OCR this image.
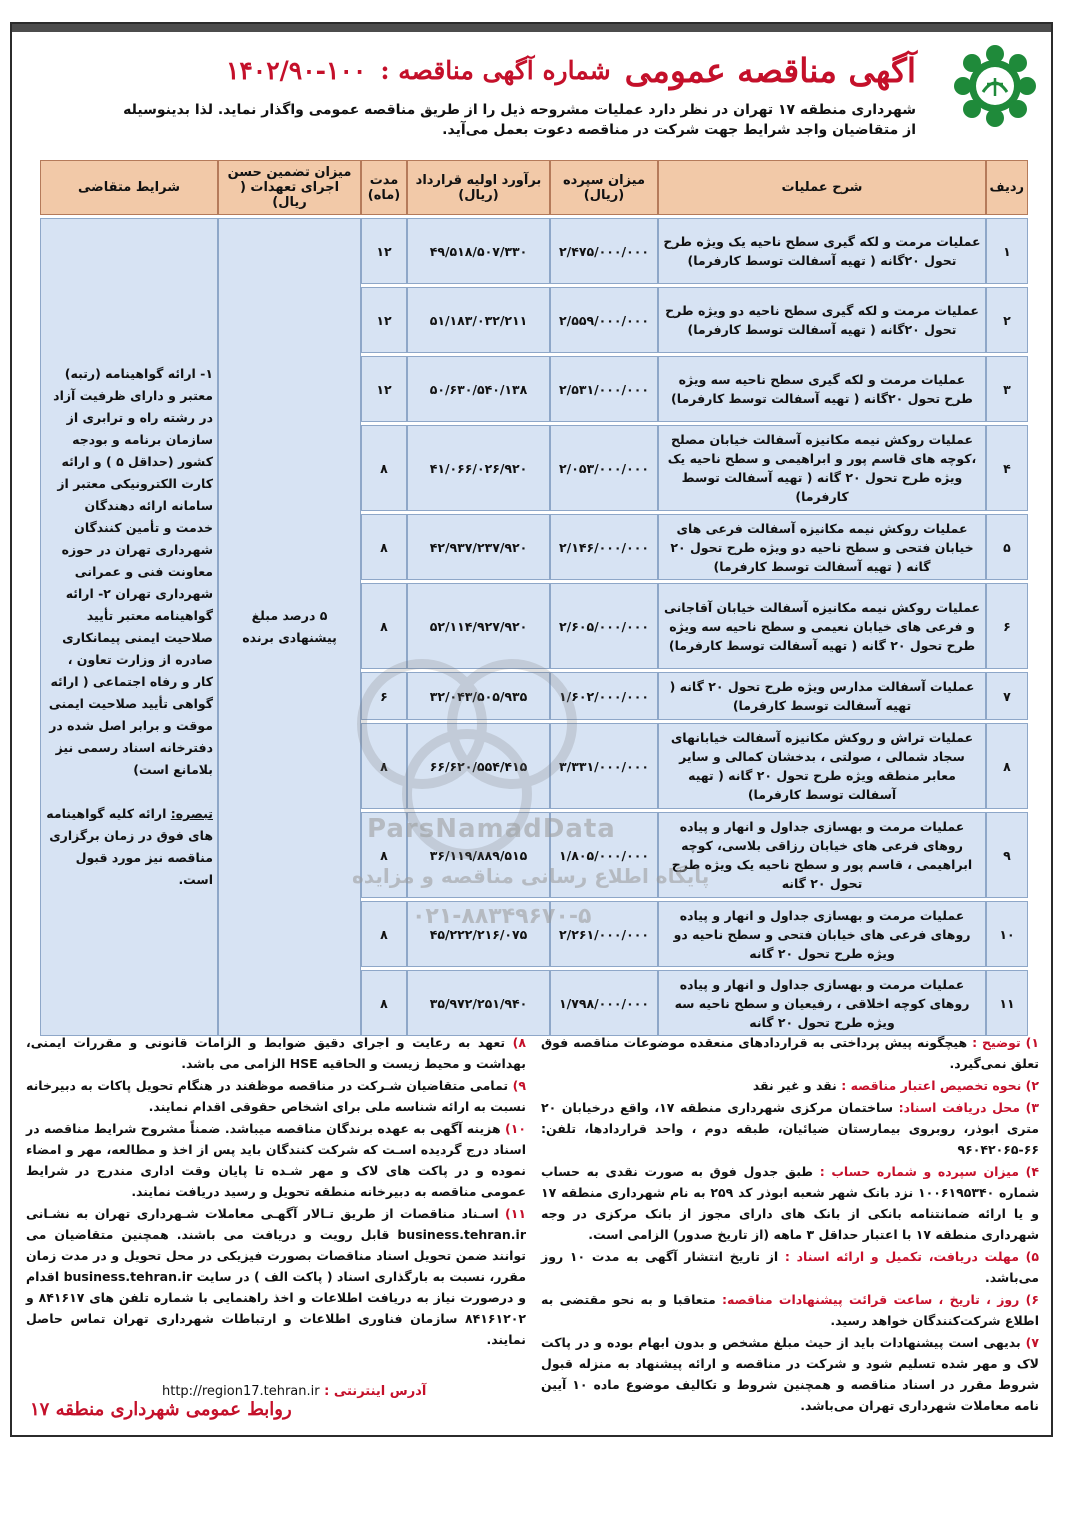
آگهی مناقصه عمومی
شماره آگهی مناقصه :
۱۴۰۲/۹۰-۱۰۰
شهرداری منطقه ۱۷ تهران در نظر دارد عملیات مشروحه ذیل را از طریق مناقصه عمومی واگذار نماید. لذا بدینوسیله از متقاضیان واجد شرایط جهت شرکت در مناقصه دعوت بعمل می‌آید.
ردیف	شرح عملیات	میزان سپرده (ریال)	برآورد اولیه قرارداد (ریال)	مدت (ماه)	میزان تضمین حسن اجرای تعهدات ( ریال)	شرایط متقاضی
۱	عملیات مرمت و لکه گیری سطح ناحیه یک ویژه طرح تحول ۲۰گانه ( تهیه آسفالت توسط کارفرما)	۲/۴۷۵/۰۰۰/۰۰۰	۴۹/۵۱۸/۵۰۷/۳۳۰	۱۲	۵ درصد مبلغ پیشنهادی برنده	۱- ارائه گواهینامه (رتبه) معتبر و دارای ظرفیت آزاد در رشته راه و ترابری از سازمان برنامه و بودجه کشور (حداقل ۵ ) و ارائه کارت الکترونیکی معتبر از سامانه ارائه دهندگان خدمت و تأمین کنندگان شهرداری تهران در حوزه معاونت فنی و عمرانی شهرداری تهران ۲- ارائه گواهینامه معتبر تأیید صلاحیت ایمنی پیمانکاری صادره از وزارت تعاون ، کار و رفاه اجتماعی ( ارائه گواهی تأیید صلاحیت ایمنی موقت و برابر اصل شده در دفترخانه اسناد رسمی نیز بلامانع است)

تبصره: ارائه کلیه گواهینامه های فوق در زمان برگزاری مناقصه نیز مورد قبول است.
۲	عملیات مرمت و لکه گیری سطح ناحیه دو ویژه طرح تحول ۲۰گانه ( تهیه آسفالت توسط کارفرما)	۲/۵۵۹/۰۰۰/۰۰۰	۵۱/۱۸۳/۰۳۲/۲۱۱	۱۲		
۳	عملیات مرمت و لکه گیری سطح ناحیه سه ویژه طرح تحول ۲۰گانه ( تهیه آسفالت توسط کارفرما)	۲/۵۳۱/۰۰۰/۰۰۰	۵۰/۶۳۰/۵۴۰/۱۳۸	۱۲		
۴	عملیات روکش نیمه مکانیزه آسفالت خیابان مصلح ،کوچه های قاسم پور و ابراهیمی و سطح ناحیه یک ویژه طرح تحول ۲۰ گانه ( تهیه آسفالت توسط کارفرما)	۲/۰۵۳/۰۰۰/۰۰۰	۴۱/۰۶۶/۰۲۶/۹۲۰	۸		
۵	عملیات روکش نیمه مکانیزه آسفالت فرعی های خیابان فتحی و سطح ناحیه دو ویژه طرح تحول ۲۰ گانه ( تهیه آسفالت توسط کارفرما)	۲/۱۴۶/۰۰۰/۰۰۰	۴۲/۹۳۷/۲۳۷/۹۲۰	۸		
۶	عملیات روکش نیمه مکانیزه آسفالت خیابان آقاجانی و فرعی های خیابان نعیمی و سطح ناحیه سه ویژه طرح تحول ۲۰ گانه ( تهیه آسفالت توسط کارفرما)	۲/۶۰۵/۰۰۰/۰۰۰	۵۲/۱۱۴/۹۲۷/۹۲۰	۸		
۷	عملیات آسفالت مدارس ویژه طرح تحول ۲۰ گانه ( تهیه آسفالت توسط کارفرما)	۱/۶۰۲/۰۰۰/۰۰۰	۳۲/۰۴۳/۵۰۵/۹۳۵	۶		
۸	عملیات تراش و روکش مکانیزه آسفالت خیابانهای سجاد شمالی ، صولتی ، بدخشان کمالی و سایر معابر منطقه ویژه طرح تحول ۲۰ گانه ( تهیه آسفالت توسط کارفرما)	۳/۳۳۱/۰۰۰/۰۰۰	۶۶/۶۲۰/۵۵۴/۴۱۵	۸		
۹	عملیات مرمت و بهسازی جداول و انهار و پیاده روهای فرعی های خیابان رزاقی بلاسی، کوچه ابراهیمی ، قاسم پور و سطح ناحیه یک ویژه طرح تحول ۲۰ گانه	۱/۸۰۵/۰۰۰/۰۰۰	۳۶/۱۱۹/۸۸۹/۵۱۵	۸		
۱۰	عملیات مرمت و بهسازی جداول و انهار و پیاده روهای فرعی های خیابان فتحی و سطح ناحیه دو ویژه طرح تحول ۲۰ گانه	۲/۲۶۱/۰۰۰/۰۰۰	۴۵/۲۲۲/۲۱۶/۰۷۵	۸		
۱۱	عملیات مرمت و بهسازی جداول و انهار و پیاده روهای کوچه اخلاقی ، رفیعیان و سطح ناحیه سه ویژه طرح تحول ۲۰ گانه	۱/۷۹۸/۰۰۰/۰۰۰	۳۵/۹۷۲/۲۵۱/۹۴۰	۸		
ParsNamadData
پایگاه اطلاع رسانی مناقصه و مزایده
۰۲۱-۸۸۳۴۹۶۷۰-۵

۱) توضیح : هیچگونه پیش پرداختی به قراردادهای منعقده موضوعات مناقصه فوق تعلق نمی‌گیرد.

۲) نحوه تخصیص اعتبار مناقصه : نقد و غیر نقد

۳) محل دریافت اسناد: ساختمان مرکزی شهرداری منطقه ۱۷، واقع درخیابان ۲۰ متری ابوذر، روبروی بیمارستان ضیائیان، طبقه دوم ، واحد قراردادها، تلفن: ۶۶-۹۶۰۴۲۰۶۵

۴) میزان سپرده و شماره حساب : طبق جدول فوق به صورت نقدی به حساب شماره ۱۰۰۶۱۹۵۳۴۰ نزد بانک شهر شعبه ابوذر کد ۲۵۹ به نام شهرداری منطقه ۱۷ و یا ارائه ضمانتنامه بانکی از بانک های دارای مجوز از بانک مرکزی در وجه شهرداری منطقه ۱۷ با اعتبار حداقل ۳ ماهه (از تاریخ صدور) الزامی است.

۵) مهلت دریافت، تکمیل و ارائه اسناد : از تاریخ انتشار آگهی به مدت ۱۰ روز می‌باشد.

۶) روز ، تاریخ ، ساعت قرائت پیشنهادات مناقصه: متعاقبا و به نحو مقتضی به اطلاع شرکت‌کنندگان خواهد رسید.

۷) بدیهی است پیشنهادات باید از حیث مبلغ مشخص و بدون ابهام بوده و در پاکت لاک و مهر شده تسلیم شود و شرکت در مناقصه و ارائه پیشنهاد به منزله قبول شروط مقرر در اسناد مناقصه و همچنین شروط و تکالیف موضوع ماده ۱۰ آیین نامه معاملات شهرداری تهران می‌باشد.

۸) تعهد به رعایت و اجرای دقیق ضوابط و الزامات قانونی و مقررات ایمنی، بهداشت و محیط زیست و الحاقیه HSE الزامی می باشد.

۹) تمامی متقاضیان شـرکت در مناقصه موظفند در هنگام تحویل پاکات به دبیرخانه نسبت به ارائه شناسه ملی برای اشخاص حقوقی اقدام نمایند.

۱۰) هزینه آگهی به عهده برندگان مناقصه میباشد. ضمناً مشروح شرایط مناقصه در اسناد درج گردیده اسـت که شرکت کنندگان باید پس از اخذ و مطالعه، مهر و امضاء نموده و در پاکت های لاک و مهر شـده تا پایان وقت اداری مندرج در شرایط عمومی مناقصه به دبیرخانه منطقه تحویل و رسید دریافت نمایند.

۱۱) اسـناد مناقصات از طریق تـالار آگهـی معاملات شـهرداری تهران به نشـانی business.tehran.ir قابل رویت و دریافت می باشند. همچنین متقاضیان می توانند ضمن تحویل اسناد مناقصات بصورت فیزیکی در محل تحویل و در مدت زمان مقرر، نسبت به بارگذاری اسناد ( پاکت الف ) در سایت business.tehran.ir اقدام و درصورت نیاز به دریافت اطلاعات و اخذ راهنمایی با شماره تلفن های ۸۴۱۶۱۷ و ۸۴۱۶۱۲۰۲ سازمان فناوری اطلاعات و ارتباطات شهرداری تهران تماس حاصل نمایند.

آدرس اینترنتی : http://region17.tehran.ir
روابط عمومی شهرداری منطقه ۱۷
